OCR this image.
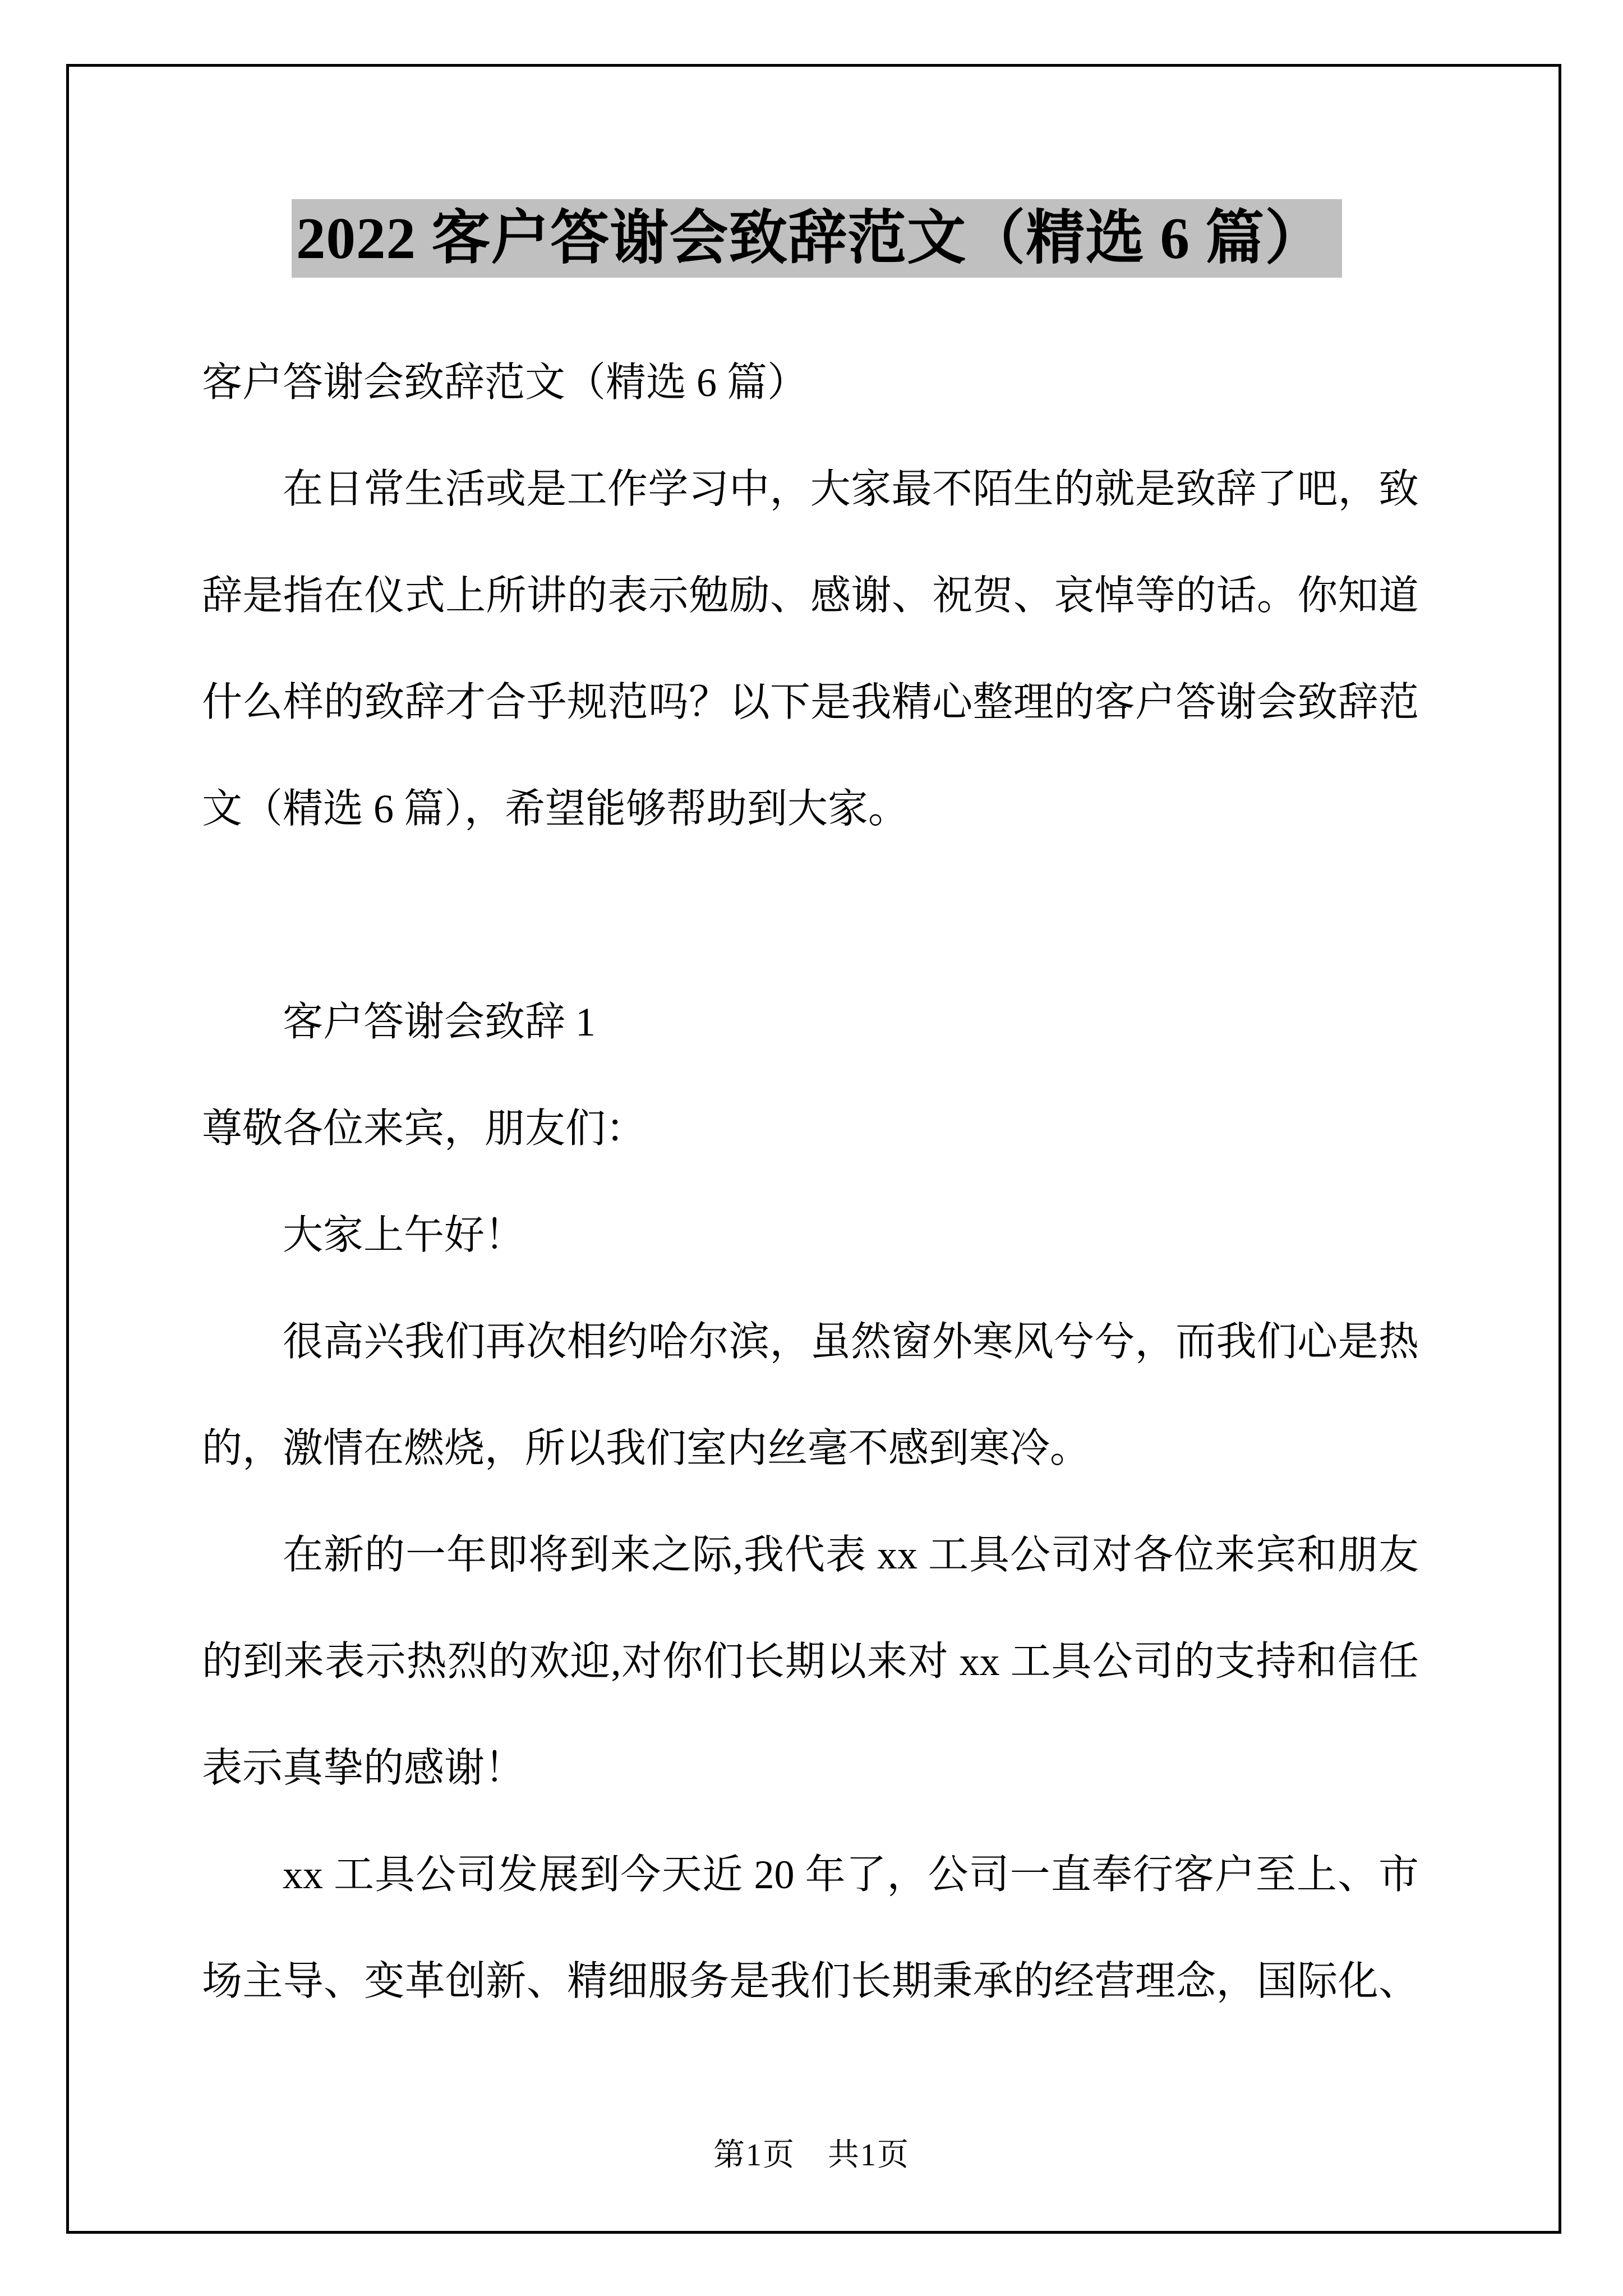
2022 客户答谢会致辞范文（精选 6 篇）
客户答谢会致辞范文（精选 6 篇）
在日常生活或是工作学习中，大家最不陌生的就是致辞了吧，致
辞是指在仪式上所讲的表示勉励、感谢、祝贺、哀悼等的话。你知道
什么样的致辞才合乎规范吗？以下是我精心整理的客户答谢会致辞范
文（精选 6 篇），希望能够帮助到大家。
客户答谢会致辞 1
尊敬各位来宾，朋友们：
大家上午好！
很高兴我们再次相约哈尔滨，虽然窗外寒风兮兮，而我们心是热
的，激情在燃烧，所以我们室内丝毫不感到寒冷。
在新的一年即将到来之际,我代表 xx 工具公司对各位来宾和朋友
的到来表示热烈的欢迎,对你们长期以来对 xx 工具公司的支持和信任
表示真挚的感谢！
xx 工具公司发展到今天近 20 年了，公司一直奉行客户至上、市
场主导、变革创新、精细服务是我们长期秉承的经营理念，国际化、
第1页　共1页
